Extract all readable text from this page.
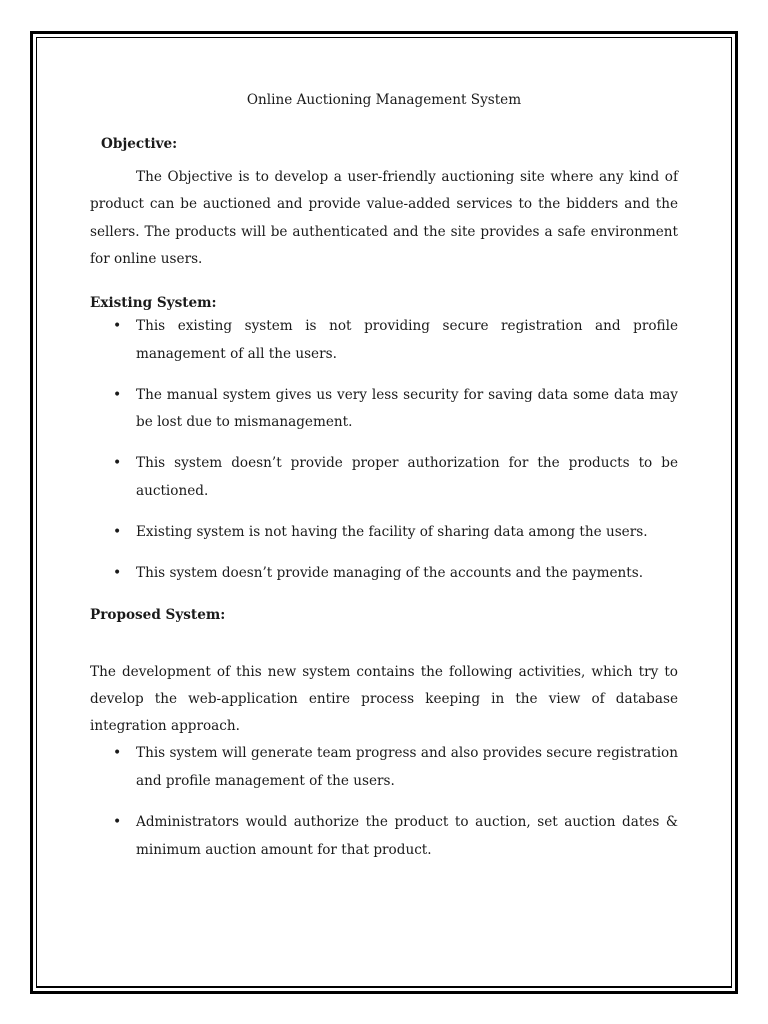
Online Auctioning Management System

Objective:

The Objective is to develop a user-friendly auctioning site where any kind of product can be auctioned and provide value-added services to the bidders and the sellers. The products will be authenticated and the site provides a safe environment for online users.

Existing System:

• This existing system is not providing secure registration and profile management of all the users.
• The manual system gives us very less security for saving data some data may be lost due to mismanagement.
• This system doesn’t provide proper authorization for the products to be auctioned.
• Existing system is not having the facility of sharing data among the users.
• This system doesn’t provide managing of the accounts and the payments.

Proposed System:

The development of this new system contains the following activities, which try to develop the web-application entire process keeping in the view of database integration approach.

• This system will generate team progress and also provides secure registration and profile management of the users.
• Administrators would authorize the product to auction, set auction dates & minimum auction amount for that product.
